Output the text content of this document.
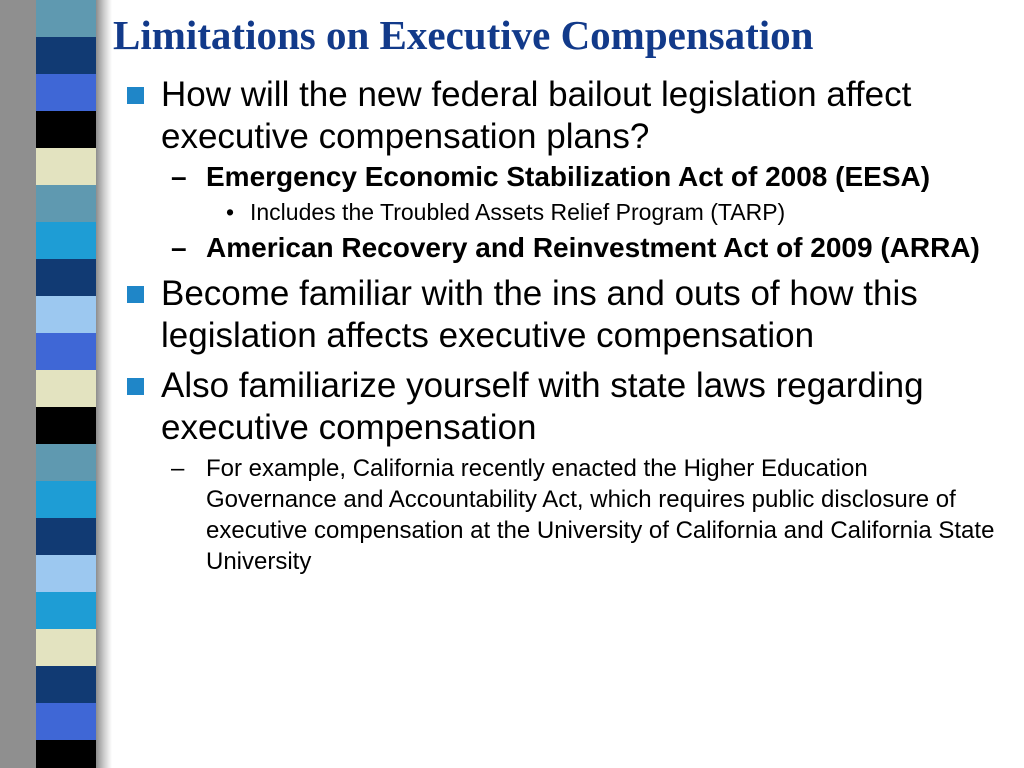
Limitations on Executive Compensation
How will the new federal bailout legislation affect executive compensation plans?
– Emergency Economic Stabilization Act of 2008 (EESA)
• Includes the Troubled Assets Relief Program (TARP)
– American Recovery and Reinvestment Act of 2009 (ARRA)
Become familiar with the ins and outs of how this legislation affects executive compensation
Also familiarize yourself with state laws regarding executive compensation
– For example, California recently enacted the Higher Education Governance and Accountability Act, which requires public disclosure of executive compensation at the University of California and California State University
